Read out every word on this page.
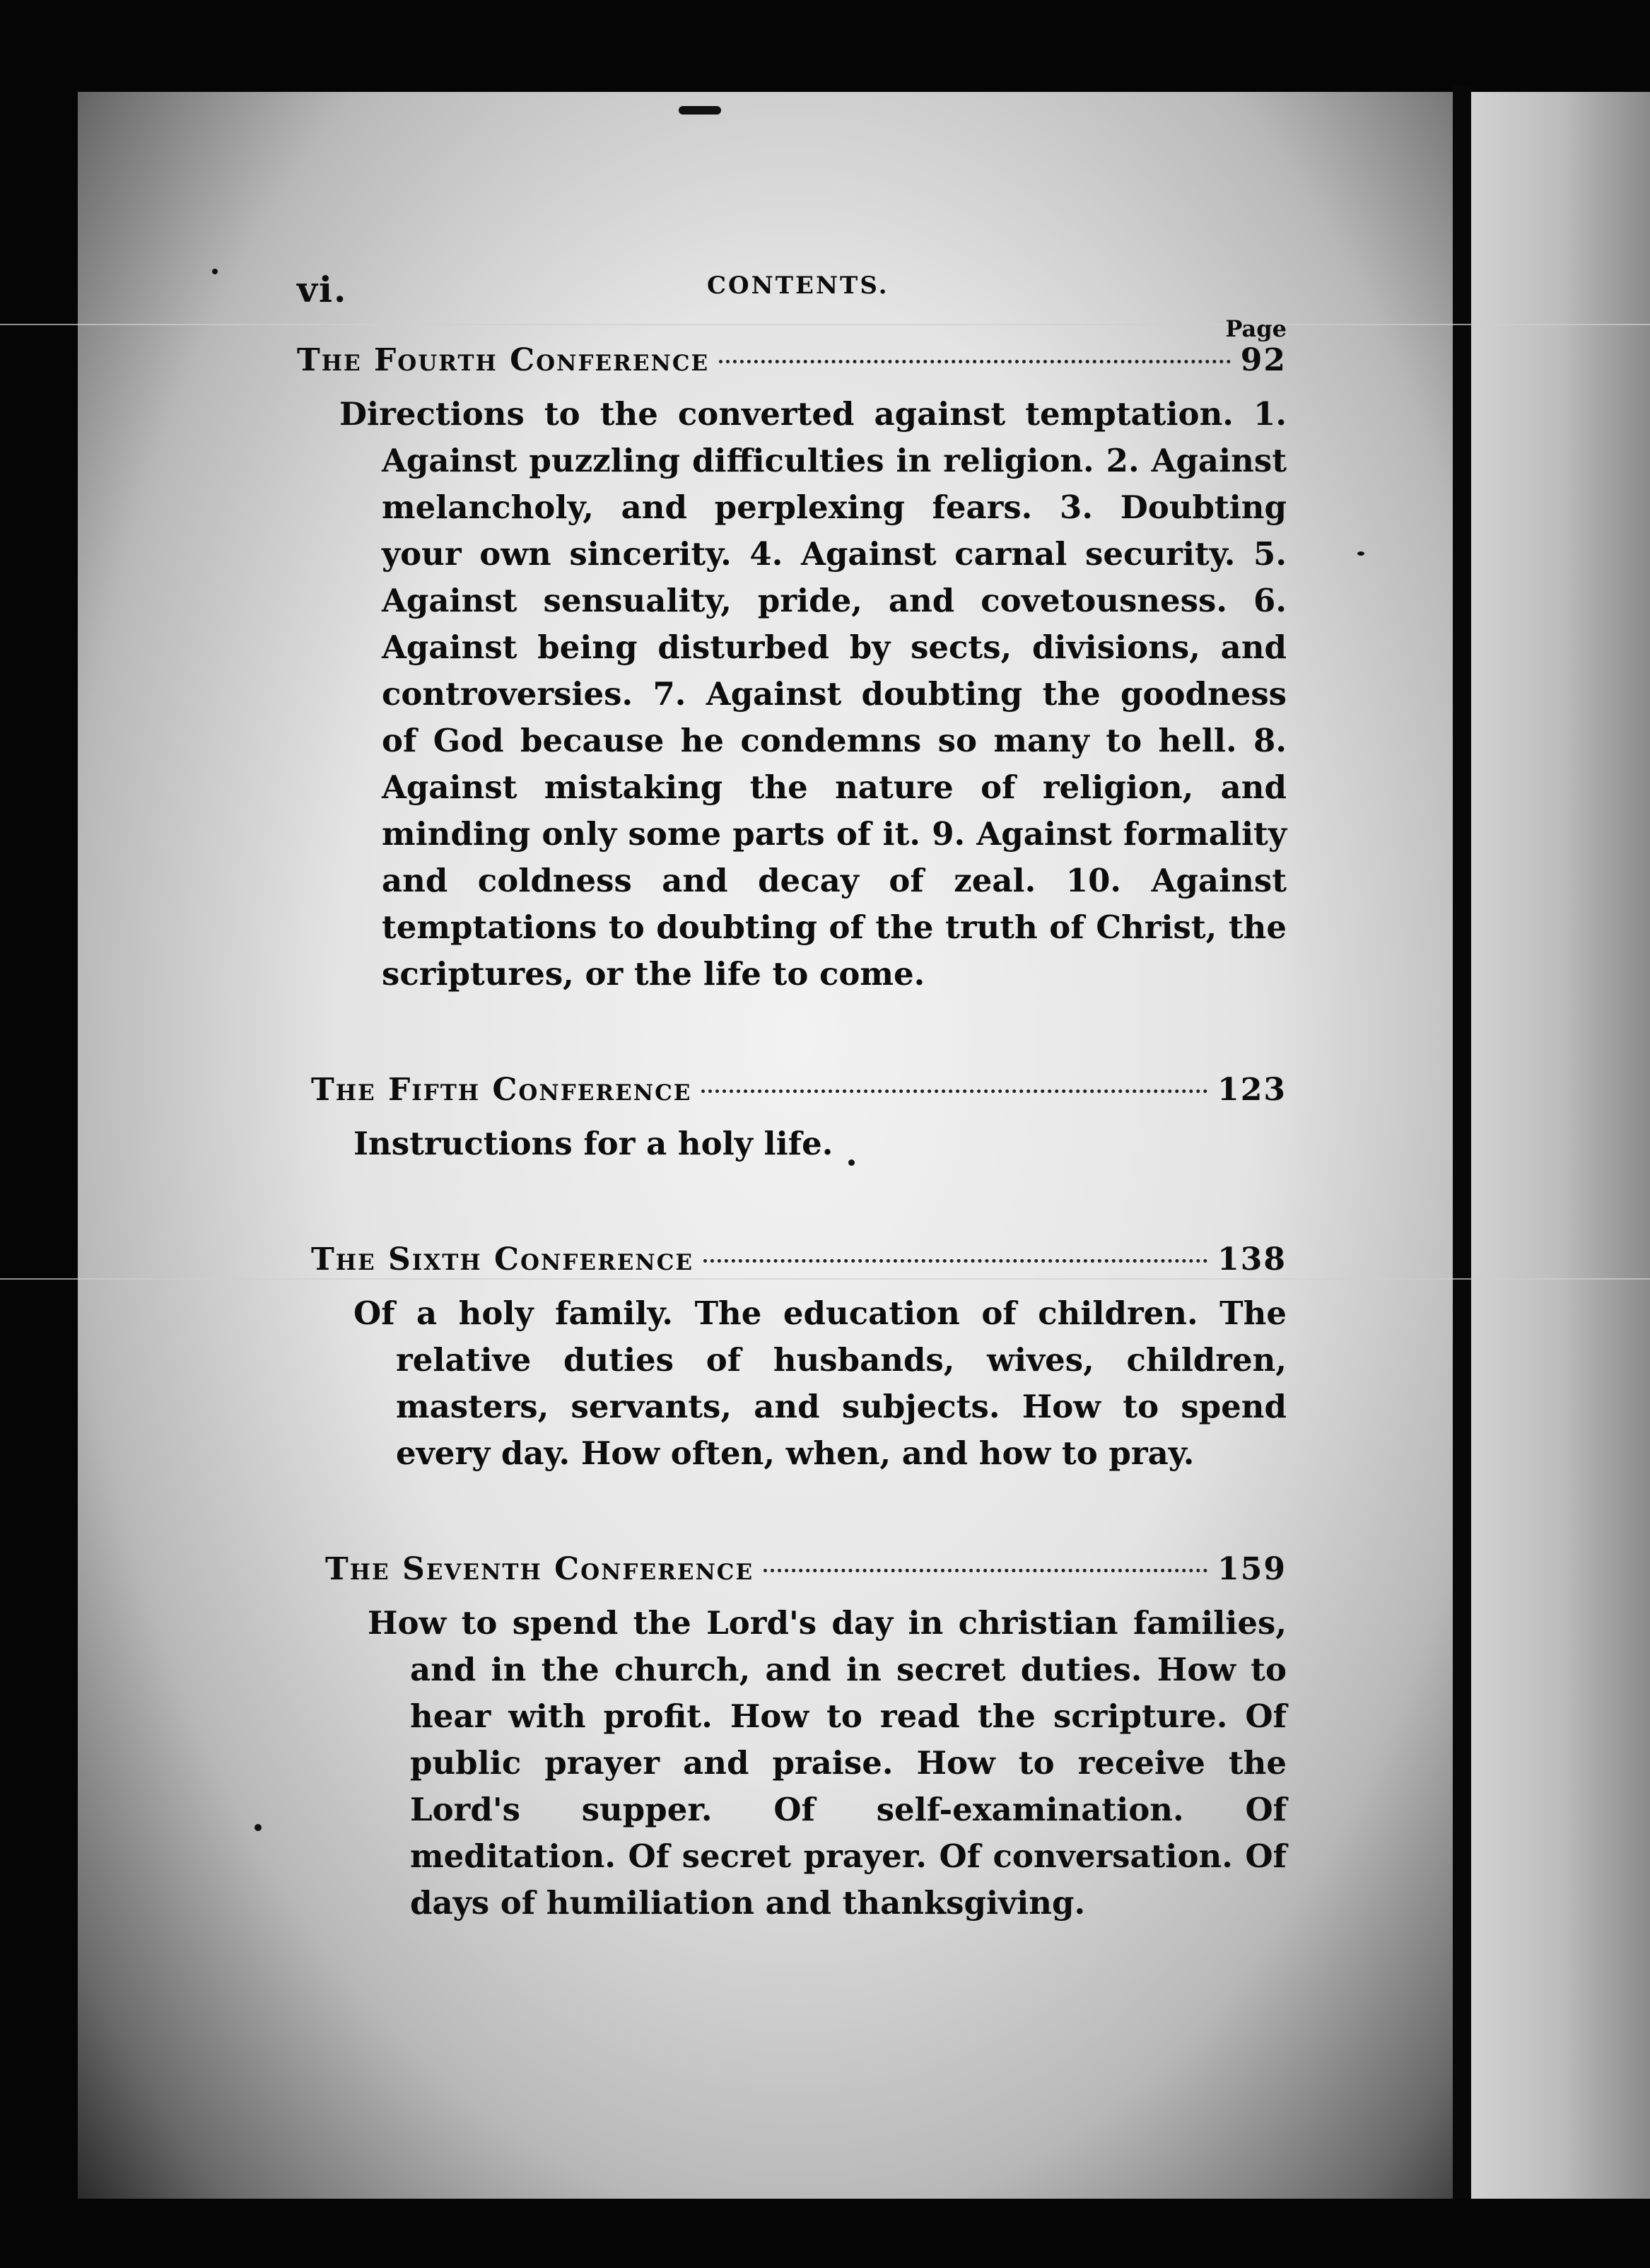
vi.	CONTENTS.
Page
The Fourth Conference	92
Directions to the converted against temptation. 1. Against puzzling difficulties in religion. 2. Against melancholy, and perplexing fears. 3. Doubting your own sincerity. 4. Against carnal security. 5. Against sensuality, pride, and covetousness. 6. Against being disturbed by sects, divisions, and controversies. 7. Against doubting the goodness of God because he condemns so many to hell. 8. Against mistaking the nature of religion, and minding only some parts of it. 9. Against formality and coldness and decay of zeal. 10. Against temptations to doubting of the truth of Christ, the scriptures, or the life to come.
The Fifth Conference	123
Instructions for a holy life.
The Sixth Conference	138
Of a holy family. The education of children. The relative duties of husbands, wives, children, masters, servants, and subjects. How to spend every day. How often, when, and how to pray.
The Seventh Conference	159
How to spend the Lord's day in christian families, and in the church, and in secret duties. How to hear with profit. How to read the scripture. Of public prayer and praise. How to receive the Lord's supper. Of self-examination. Of meditation. Of secret prayer. Of conversation. Of days of humiliation and thanksgiving.
